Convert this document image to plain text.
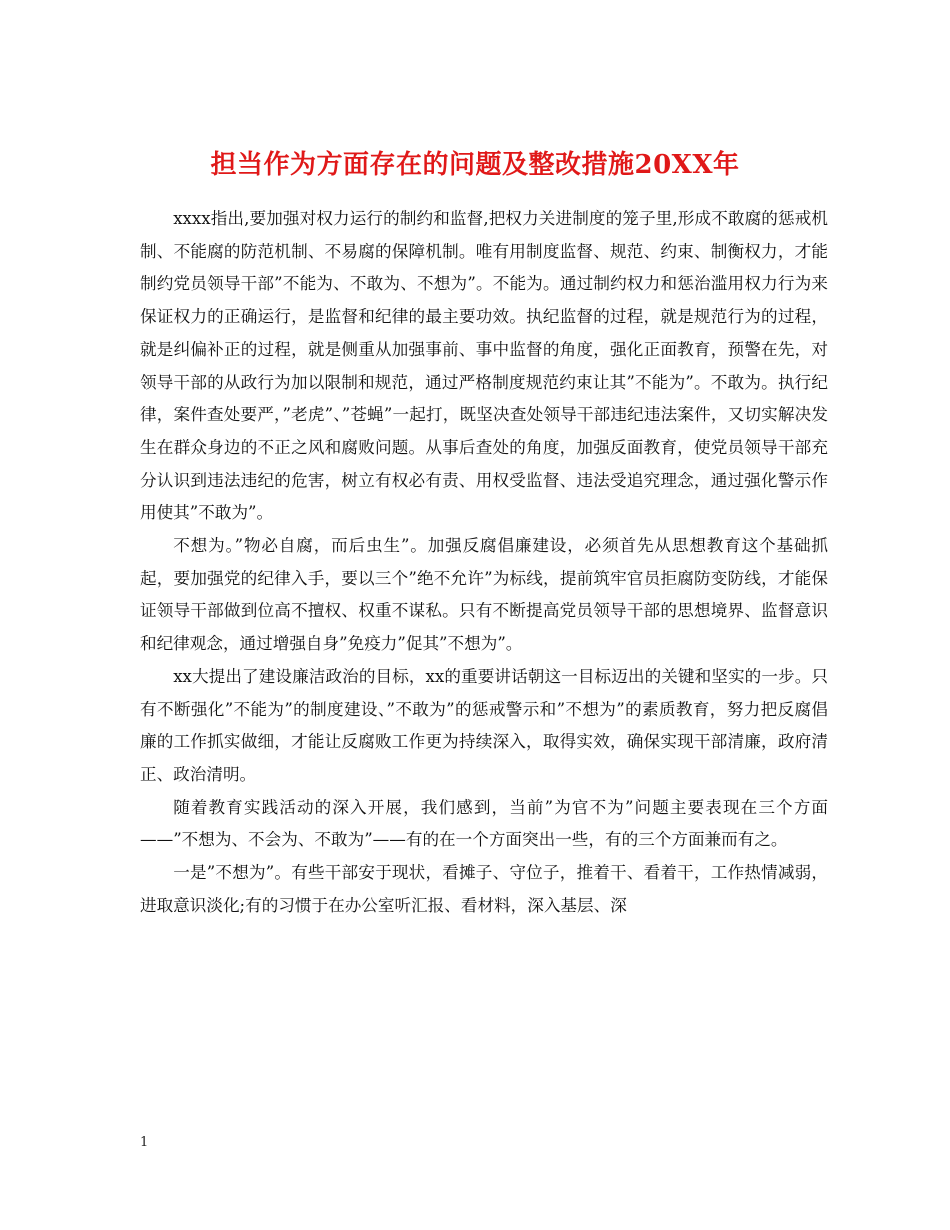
担当作为方面存在的问题及整改措施20XX年

xxxx指出,要加强对权力运行的制约和监督,把权力关进制度的笼子里,形成不敢腐的惩戒机制、不能腐的防范机制、不易腐的保障机制。唯有用制度监督、规范、约束、制衡权力，才能制约党员领导干部”不能为、不敢为、不想为”。不能为。通过制约权力和惩治滥用权力行为来保证权力的正确运行，是监督和纪律的最主要功效。执纪监督的过程，就是规范行为的过程，就是纠偏补正的过程，就是侧重从加强事前、事中监督的角度，强化正面教育，预警在先，对领导干部的从政行为加以限制和规范，通过严格制度规范约束让其”不能为”。不敢为。执行纪律，案件查处要严，”老虎”、”苍蝇”一起打，既坚决查处领导干部违纪违法案件，又切实解决发生在群众身边的不正之风和腐败问题。从事后查处的角度，加强反面教育，使党员领导干部充分认识到违法违纪的危害，树立有权必有责、用权受监督、违法受追究理念，通过强化警示作用使其”不敢为”。

不想为。”物必自腐，而后虫生”。加强反腐倡廉建设，必须首先从思想教育这个基础抓起，要加强党的纪律入手，要以三个”绝不允许”为标线，提前筑牢官员拒腐防变防线，才能保证领导干部做到位高不擅权、权重不谋私。只有不断提高党员领导干部的思想境界、监督意识和纪律观念，通过增强自身”免疫力”促其”不想为”。

xx大提出了建设廉洁政治的目标，xx的重要讲话朝这一目标迈出的关键和坚实的一步。只有不断强化”不能为”的制度建设、”不敢为”的惩戒警示和”不想为”的素质教育，努力把反腐倡廉的工作抓实做细，才能让反腐败工作更为持续深入，取得实效，确保实现干部清廉，政府清正、政治清明。

随着教育实践活动的深入开展，我们感到，当前”为官不为”问题主要表现在三个方面——”不想为、不会为、不敢为”——有的在一个方面突出一些，有的三个方面兼而有之。

一是”不想为”。有些干部安于现状，看摊子、守位子，推着干、看着干，工作热情减弱，进取意识淡化;有的习惯于在办公室听汇报、看材料，深入基层、深

1
